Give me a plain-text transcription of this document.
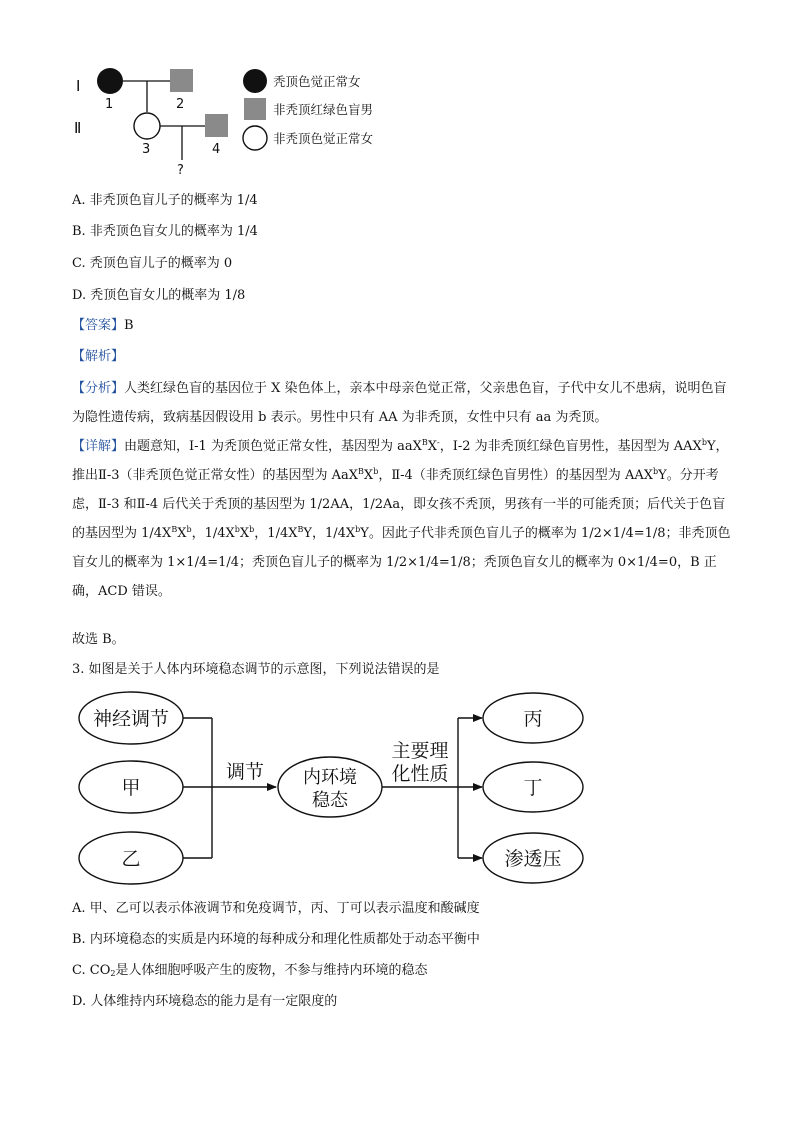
Ⅰ
Ⅱ
1	2
3	4
?
秃顶色觉正常女
非秃顶红绿色盲男
非秃顶色觉正常女
A. 非秃顶色盲儿子的概率为 1/4
B. 非秃顶色盲女儿的概率为 1/4
C. 秃顶色盲儿子的概率为 0
D. 秃顶色盲女儿的概率为 1/8
【答案】B
【解析】

【分析】人类红绿色盲的基因位于 X 染色体上，亲本中母亲色觉正常，父亲患色盲，子代中女儿不患病，说明色盲为隐性遗传病，致病基因假设用 b 表示。男性中只有 AA 为非秃顶，女性中只有 aa 为秃顶。

【详解】由题意知，Ⅰ-1 为秃顶色觉正常女性，基因型为 aaX$^B$X-，Ⅰ-2 为非秃顶红绿色盲男性，基因型为 AAX$^b$Y，推出Ⅱ-3（非秃顶色觉正常女性）的基因型为 $AaX^BX^b$，Ⅱ-4（非秃顶红绿色盲男性）的基因型为 AAX$^b$Y。分开考虑，Ⅱ-3 和Ⅱ-4 后代关于秃顶的基因型为 1/2AA，1/2Aa，即女孩不秃顶，男孩有一半的可能秃顶；后代关于色盲的基因型为 $1/4X^BX^b$，$1/4X^bX^b$，$1/4X^BY$，$1/4X^bY$。因此子代非秃顶色盲儿子的概率为 1/2×1/4=1/8；非秃顶色盲女儿的概率为 1×1/4=1/4；秃顶色盲儿子的概率为 1/2×1/4=1/8；秃顶色盲女儿的概率为 0×1/4=0，B 正确，ACD 错误。

故选 B。
3. 如图是关于人体内环境稳态调节的示意图，下列说法错误的是
神经调节
甲
乙
调节 内环境
稳态
主要理
化性质
丙
丁
渗透压
A. 甲、乙可以表示体液调节和免疫调节，丙、丁可以表示温度和酸碱度
B. 内环境稳态的实质是内环境的每种成分和理化性质都处于动态平衡中
C. $CO_2$是人体细胞呼吸产生的废物，不参与维持内环境的稳态
D. 人体维持内环境稳态的能力是有一定限度的
